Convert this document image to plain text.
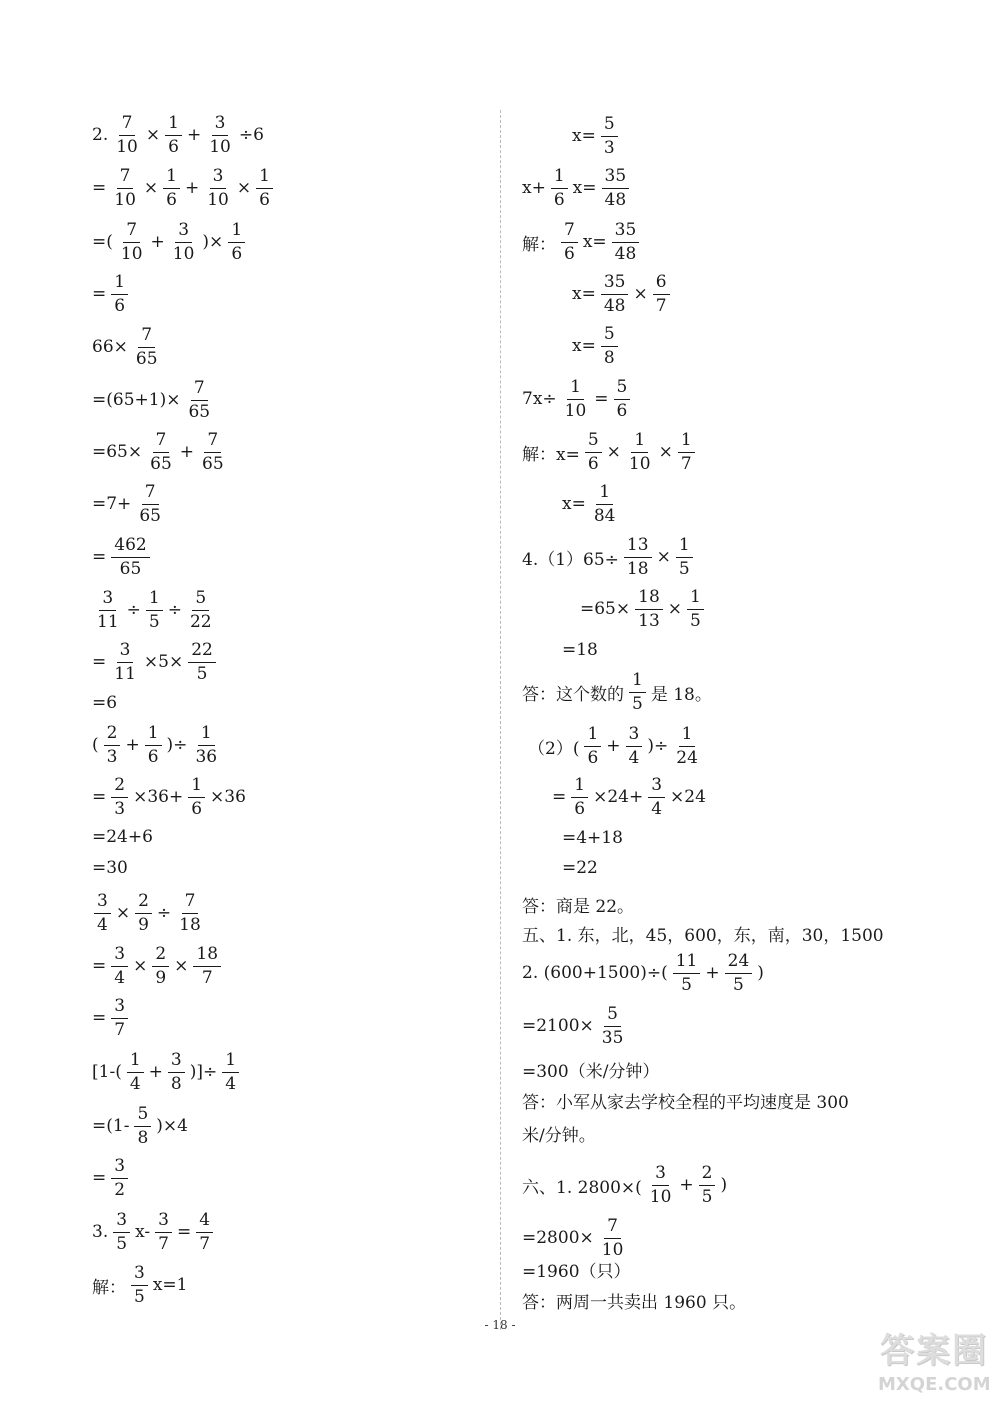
2. $\frac{7}{10} \times \frac{1}{6} + \frac{3}{10} \div 6$
= $\frac{7}{10} \times \frac{1}{6} + \frac{3}{10} \times \frac{1}{6}$
=( $\frac{7}{10} + \frac{3}{10}$ )× $\frac{1}{6}$
= $\frac{1}{6}$
$66\times \frac{7}{65}$
$=(65+1)\times \frac{7}{65}$
$=65\times \frac{7}{65} + \frac{7}{65}$
$=7+ \frac{7}{65}$
= $\frac{462}{65}$
$\frac{3}{11} \div \frac{1}{5} \div \frac{5}{22}$
= $\frac{3}{11} \times 5\times \frac{22}{5}$
=6
( $\frac{2}{3} + \frac{1}{6}$ )÷ $\frac{1}{36}$
= $\frac{2}{3} \times 36+ \frac{1}{6} \times 36$
=24+6
=30
$\frac{3}{4} \times \frac{2}{9} \div \frac{7}{18}$
= $\frac{3}{4} \times \frac{2}{9} \times \frac{18}{7}$
= $\frac{3}{7}$
[$1-( \frac{1}{4} + \frac{3}{8}$ )]÷ $\frac{1}{4}$
$=(1- \frac{5}{8} )\times 4$
= $\frac{3}{2}$
3. $\frac{3}{5} x- \frac{3}{7} = \frac{4}{7}$
解： $\frac{3}{5} x=1$
$x= \frac{5}{3}$
$x+ \frac{1}{6} x= \frac{35}{48}$
解： $\frac{7}{6} x= \frac{35}{48}$
$x= \frac{35}{48} \times \frac{6}{7}$
$x= \frac{5}{8}$
$7x\div \frac{1}{10} = \frac{5}{6}$
解：$x= \frac{5}{6} \times \frac{1}{10} \times \frac{1}{7}$
$x= \frac{1}{84}$
$4.(1)65\div \frac{13}{18} \times \frac{1}{5}$
$=65\times \frac{18}{13} \times \frac{1}{5}$
=18
答：这个数的 $\frac{1}{5}$ 是 18。
$(2)( \frac{1}{6} + \frac{3}{4}$ )÷ $\frac{1}{24}$
= $\frac{1}{6} \times 24+ \frac{3}{4} \times 24$
=4+18
=22
答：商是 22。
五、1. 东，北，45，600，东，南，30，1500
2. $(600+1500)\div( \frac{11}{5} + \frac{24}{5}$ )
$=2100\times \frac{5}{35}$
=300（米/分钟）
答：小军从家去学校全程的平均速度是 300
米/分钟。
六、1. $2800\times( \frac{3}{10} + \frac{2}{5}$ )
$=2800\times \frac{7}{10}$
=1960（只）
答：两周一共卖出 1960 只。
- 18 -
答案圈
MXQE.COM
